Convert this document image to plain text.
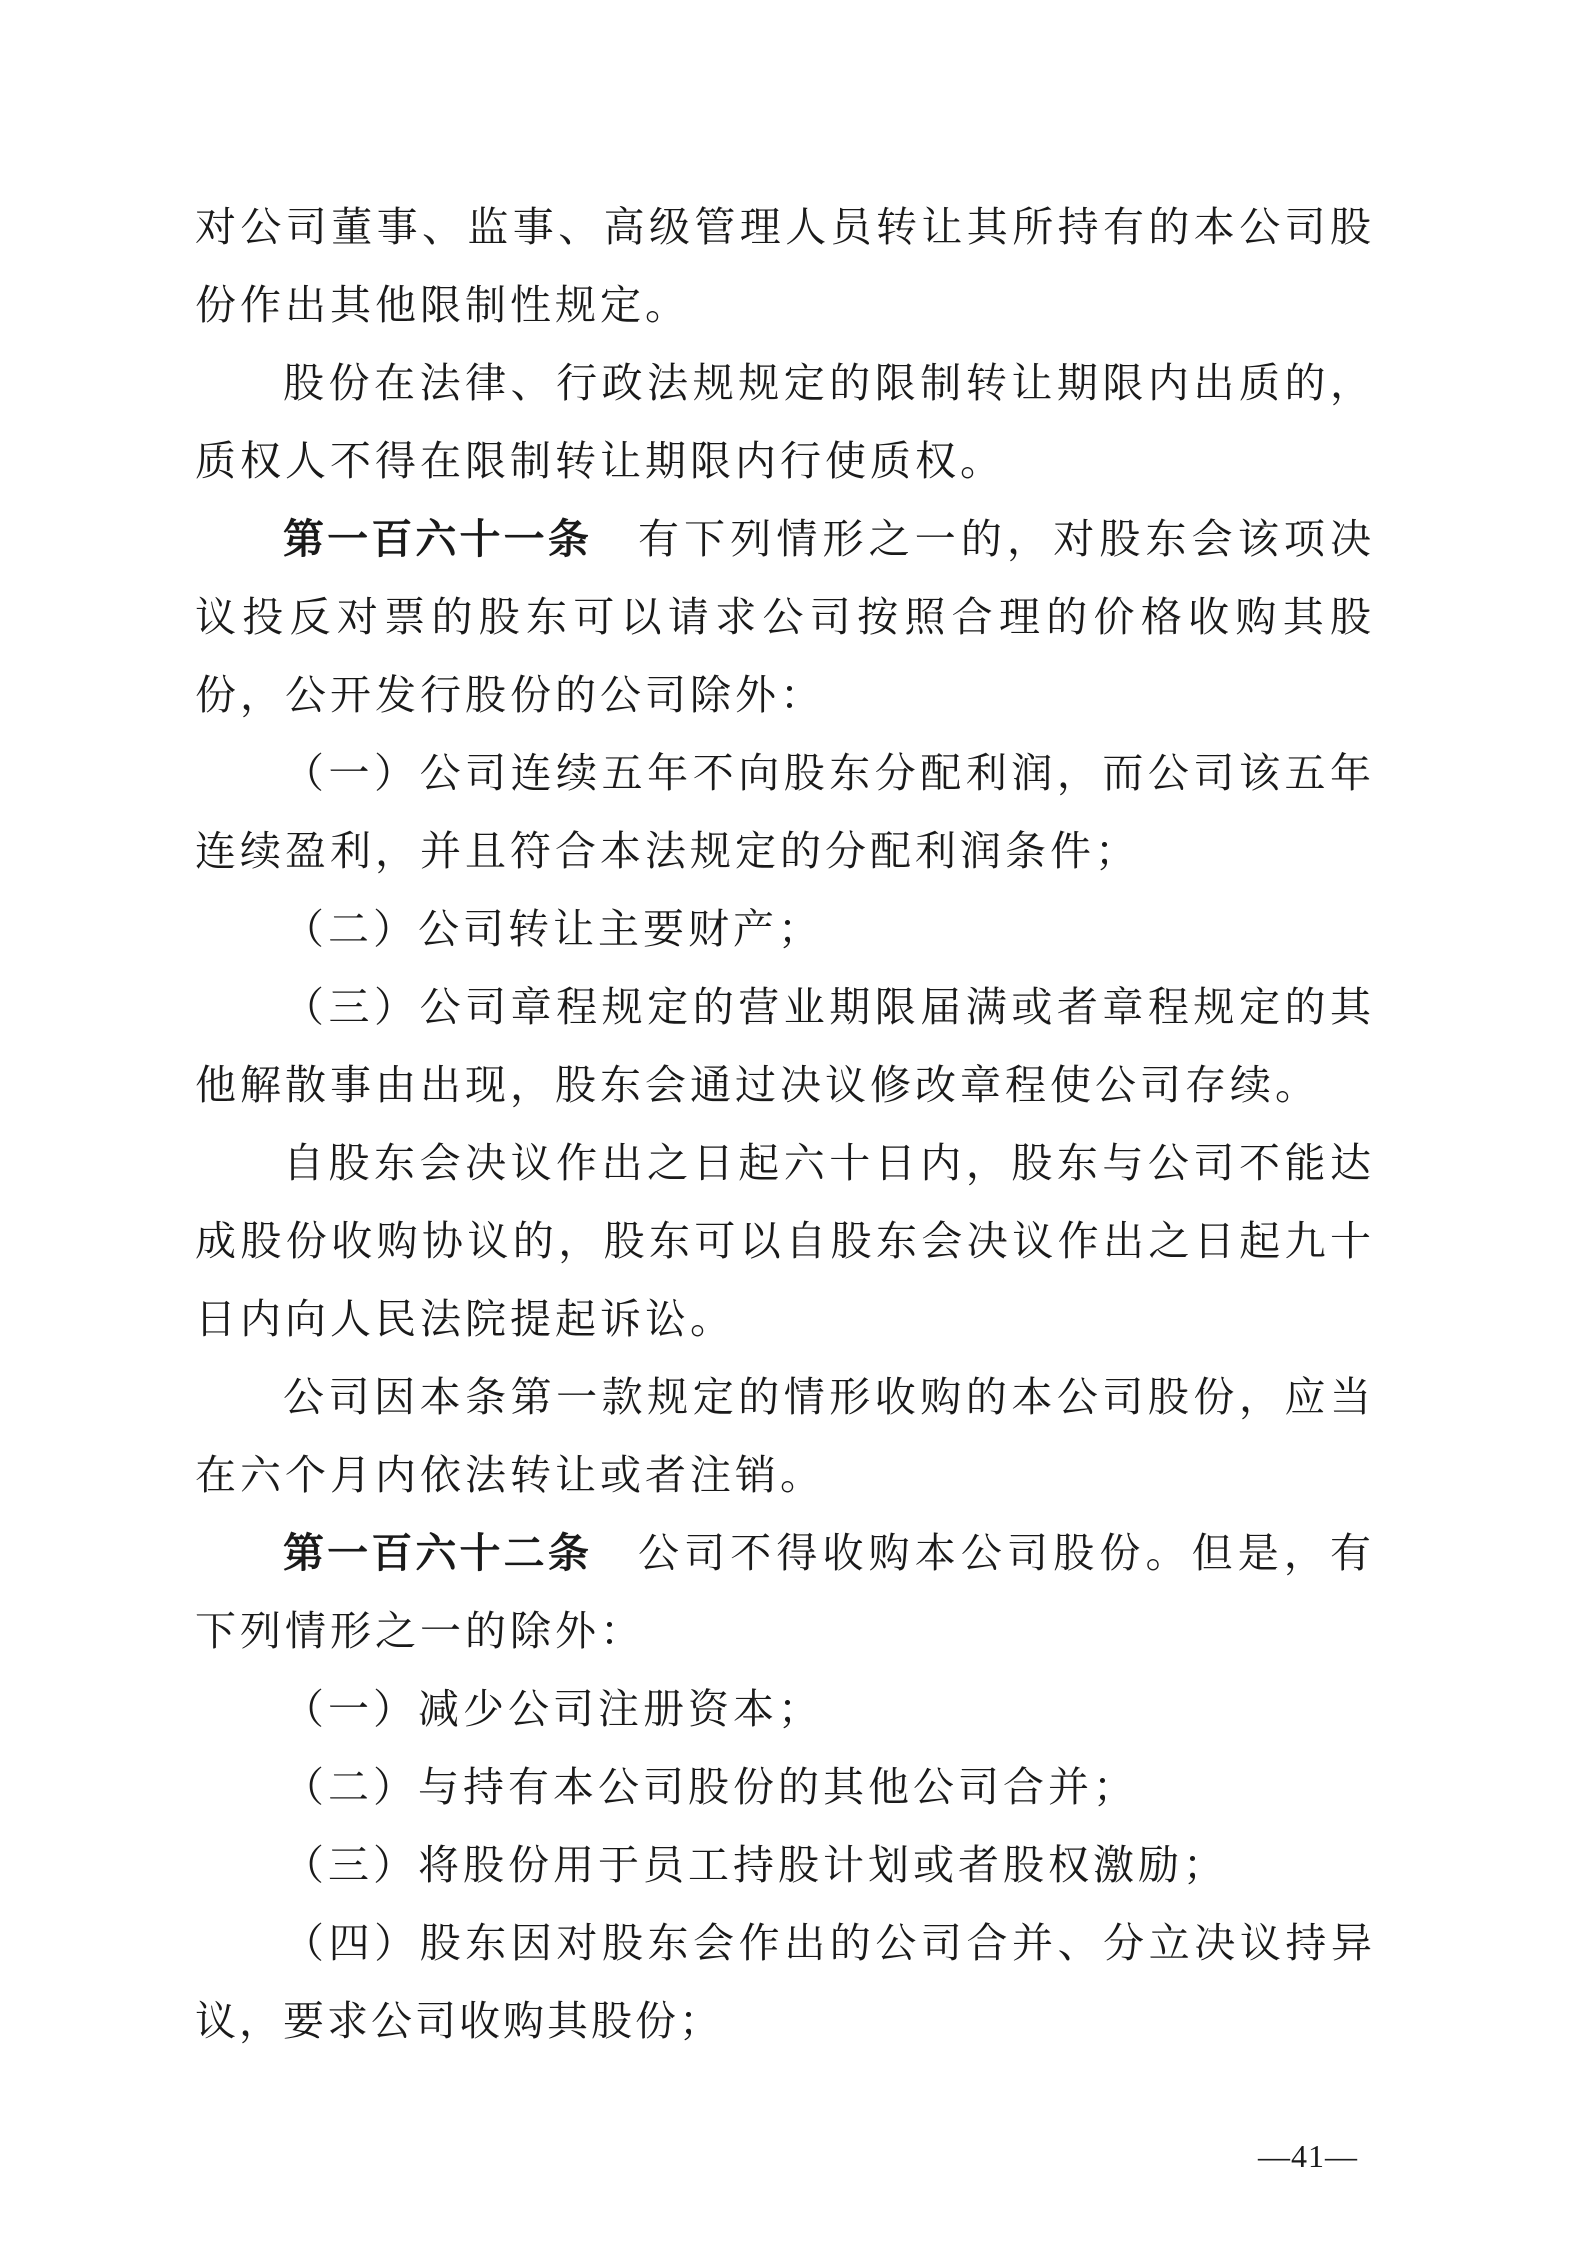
对公司董事、监事、高级管理人员转让其所持有的本公司股份作出其他限制性规定。

股份在法律、行政法规规定的限制转让期限内出质的，质权人不得在限制转让期限内行使质权。

第一百六十一条 有下列情形之一的，对股东会该项决议投反对票的股东可以请求公司按照合理的价格收购其股份，公开发行股份的公司除外：

（一）公司连续五年不向股东分配利润，而公司该五年连续盈利，并且符合本法规定的分配利润条件；

（二）公司转让主要财产；

（三）公司章程规定的营业期限届满或者章程规定的其他解散事由出现，股东会通过决议修改章程使公司存续。

自股东会决议作出之日起六十日内，股东与公司不能达成股份收购协议的，股东可以自股东会决议作出之日起九十日内向人民法院提起诉讼。

公司因本条第一款规定的情形收购的本公司股份，应当在六个月内依法转让或者注销。

第一百六十二条 公司不得收购本公司股份。但是，有下列情形之一的除外：

（一）减少公司注册资本；

（二）与持有本公司股份的其他公司合并；

（三）将股份用于员工持股计划或者股权激励；

（四）股东因对股东会作出的公司合并、分立决议持异议，要求公司收购其股份；

—41—
